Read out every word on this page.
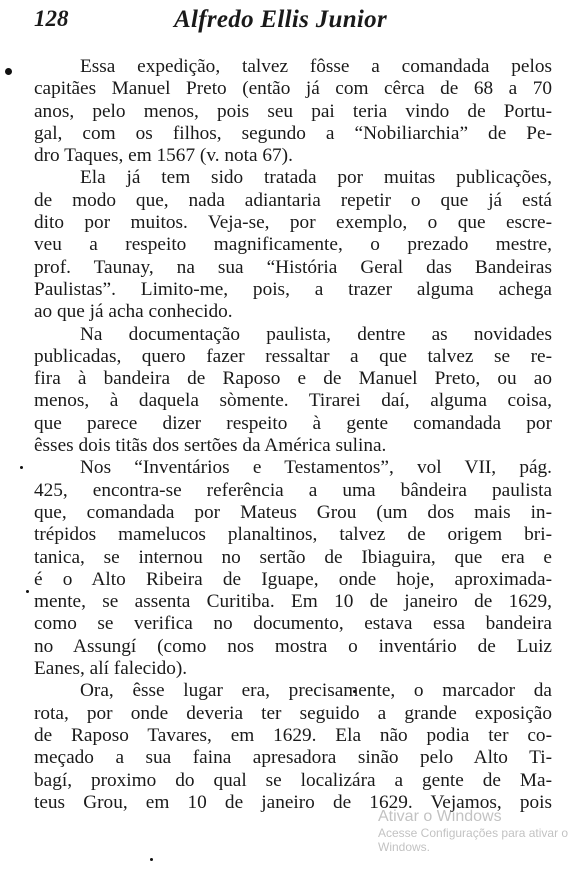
128	Alfredo Ellis Junior

Essa expedição, talvez fôsse a comandada pelos
capitães Manuel Preto (então já com cêrca de 68 a 70
anos, pelo menos, pois seu pai teria vindo de Portu-
gal, com os filhos, segundo a “Nobiliarchia” de Pe-
dro Taques, em 1567 (v. nota 67).

Ela já tem sido tratada por muitas publicações,
de modo que, nada adiantaria repetir o que já está
dito por muitos. Veja-se, por exemplo, o que escre-
veu a respeito magnificamente, o prezado mestre,
prof. Taunay, na sua “História Geral das Bandeiras
Paulistas”. Limito-me, pois, a trazer alguma achega
ao que já acha conhecido.

Na documentação paulista, dentre as novidades
publicadas, quero fazer ressaltar a que talvez se re-
fira à bandeira de Raposo e de Manuel Preto, ou ao
menos, à daquela sòmente. Tirarei daí, alguma coisa,
que parece dizer respeito à gente comandada por
êsses dois titãs dos sertões da América sulina.

Nos “Inventários e Testamentos”, vol VII, pág.
425, encontra-se referência a uma bândeira paulista
que, comandada por Mateus Grou (um dos mais in-
trépidos mamelucos planaltinos, talvez de origem bri-
tanica, se internou no sertão de Ibiaguira, que era e
é o Alto Ribeira de Iguape, onde hoje, aproximada-
mente, se assenta Curitiba. Em 10 de janeiro de 1629,
como se verifica no documento, estava essa bandeira
no Assungí (como nos mostra o inventário de Luiz
Eanes, alí falecido).

Ora, êsse lugar era, precisamente, o marcador da
rota, por onde deveria ter seguido a grande exposição
de Raposo Tavares, em 1629. Ela não podia ter co-
meçado a sua faina apresadora sinão pelo Alto Ti-
bagí, proximo do qual se localizára a gente de Ma-
teus Grou, em 10 de janeiro de 1629. Vejamos, pois

Ativar o Windows
Acesse Configurações para ativar o
Windows.
